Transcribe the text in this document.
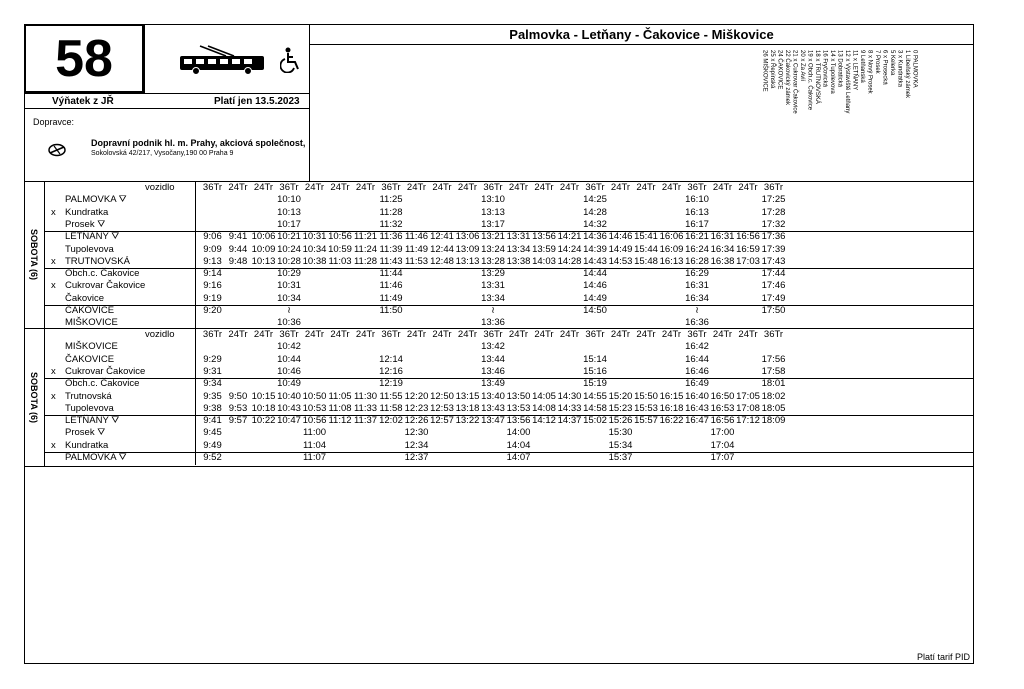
58	Palmovka - Letňany - Čakovice - Miškovice
Výňatek z JŘ	Platí jen 13.5.2023
Dopravce:
Dopravní podnik hl. m. Prahy, akciová společnost,
Sokolovská 42/217, Vysočany,190 00 Praha 9
0 PALMOVKA
1 Libeňský zámek
3 x Kundratka
5 Kelerka
6 x Prosecká
7 Prosek
8 x Nový Prosek
9 Letňanská
11 x LETŇANY
12 x Výstaviště Letňany
13 Dobratická
14 x Tupolevova
16 Fryčovická
18 x TRUTNOVSKÁ
19 x Obch.c. Čakovice
20 x Za Avií
21 x Cukrovar Čakovice
22 Čakovický zámek
24 ČAKOVICE
25 x Řepínská
26 MIŠKOVICE
SOBOTA (6)
SOBOTA (6)
vozidlo	36Tr 24Tr 24Tr 36Tr 24Tr 24Tr 24Tr 36Tr 24Tr 24Tr 24Tr 36Tr 24Tr 24Tr 24Tr 36Tr 24Tr 24Tr 24Tr 36Tr 24Tr 24Tr 36Tr
PALMOVKA ⛛	10:10	11:25	13:10	14:25	16:10	17:25
x Kundratka	10:13	11:28	13:13	14:28	16:13	17:28
Prosek ⛛	10:17	11:32	13:17	14:32	16:17	17:32
LETŇANY ⛛	9:06 9:41 10:06 10:21 10:31 10:56 11:21 11:36 11:46 12:41 13:06 13:21 13:31 13:56 14:21 14:36 14:46 15:41 16:06 16:21 16:31 16:56 17:36
Tupolevova	9:09 9:44 10:09 10:24 10:34 10:59 11:24 11:39 11:49 12:44 13:09 13:24 13:34 13:59 14:24 14:39 14:49 15:44 16:09 16:24 16:34 16:59 17:39
x TRUTNOVSKÁ	9:13 9:48 10:13 10:28 10:38 11:03 11:28 11:43 11:53 12:48 13:13 13:28 13:38 14:03 14:28 14:43 14:53 15:48 16:13 16:28 16:38 17:03 17:43
Obch.c. Čakovice	9:14	10:29	11:44	13:29	14:44	16:29	17:44
x Cukrovar Čakovice	9:16	10:31	11:46	13:31	14:46	16:31	17:46
Čakovice	9:19	10:34	11:49	13:34	14:49	16:34	17:49
ČAKOVICE	9:20	≀	11:50	≀	14:50	≀	17:50
MIŠKOVICE	10:36	13:36	16:36
vozidlo	36Tr 24Tr 24Tr 36Tr 24Tr 24Tr 24Tr 36Tr 24Tr 24Tr 24Tr 36Tr 24Tr 24Tr 24Tr 36Tr 24Tr 24Tr 24Tr 36Tr 24Tr 24Tr 36Tr
MIŠKOVICE	10:42	13:42	16:42
ČAKOVICE	9:29	10:44	12:14	13:44	15:14	16:44	17:56
x Cukrovar Čakovice	9:31	10:46	12:16	13:46	15:16	16:46	17:58
Obch.c. Čakovice	9:34	10:49	12:19	13:49	15:19	16:49	18:01
x Trutnovská	9:35 9:50 10:15 10:40 10:50 11:05 11:30 11:55 12:20 12:50 13:15 13:40 13:50 14:05 14:30 14:55 15:20 15:50 16:15 16:40 16:50 17:05 18:02
Tupolevova	9:38 9:53 10:18 10:43 10:53 11:08 11:33 11:58 12:23 12:53 13:18 13:43 13:53 14:08 14:33 14:58 15:23 15:53 16:18 16:43 16:53 17:08 18:05
LETŇANY ⛛	9:41 9:57 10:22 10:47 10:56 11:12 11:37 12:02 12:26 12:57 13:22 13:47 13:56 14:12 14:37 15:02 15:26 15:57 16:22 16:47 16:56 17:12 18:09
Prosek ⛛	9:45	11:00	12:30	14:00	15:30	17:00
x Kundratka	9:49	11:04	12:34	14:04	15:34	17:04
PALMOVKA ⛛	9:52	11:07	12:37	14:07	15:37	17:07
Platí tarif PID
